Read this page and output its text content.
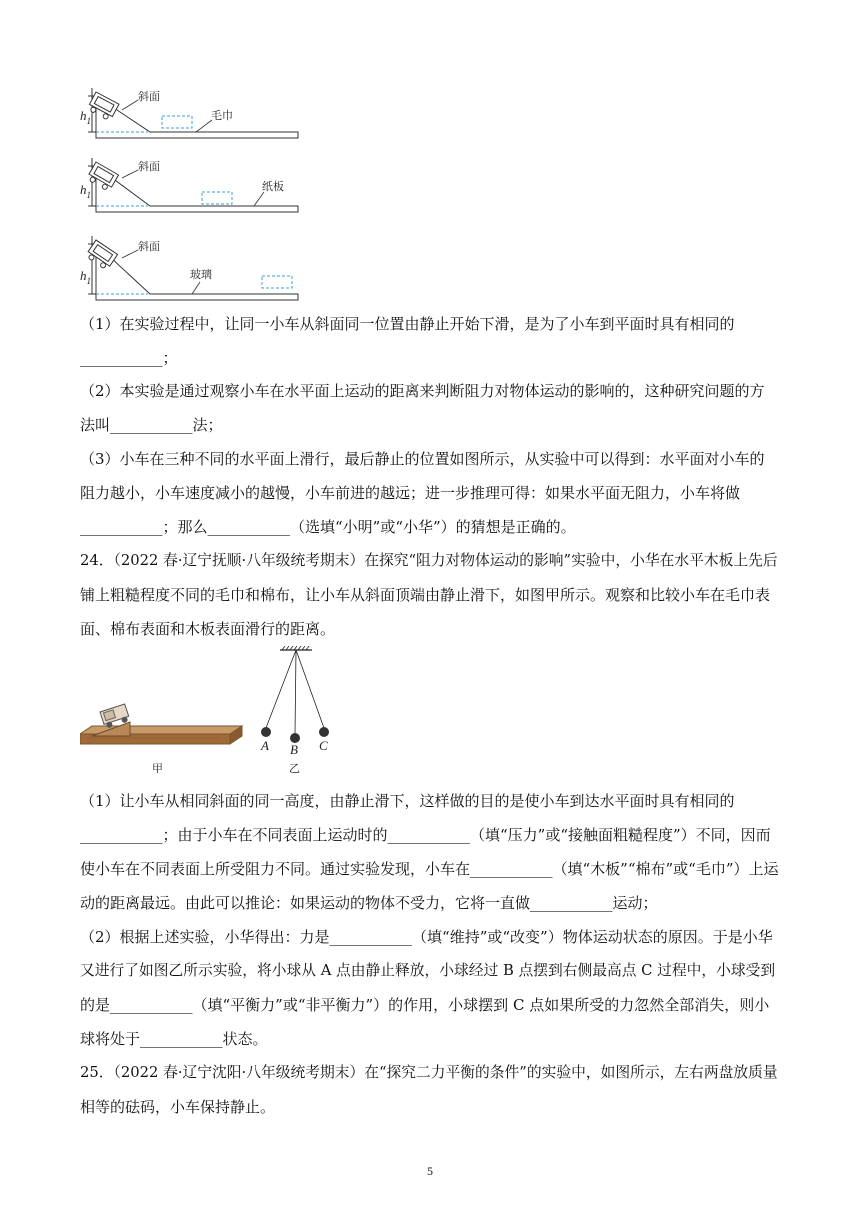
斜面
毛巾
$h_1$
斜面
纸板
$h_1$
斜面
玻璃
$h_1$
（1）在实验过程中，让同一小车从斜面同一位置由静止开始下滑，是为了小车到平面时具有相同的
___________；
（2）本实验是通过观察小车在水平面上运动的距离来判断阻力对物体运动的影响的，这种研究问题的方
法叫___________法；
（3）小车在三种不同的水平面上滑行，最后静止的位置如图所示，从实验中可以得到：水平面对小车的
阻力越小，小车速度减小的越慢，小车前进的越远；进一步推理可得：如果水平面无阻力，小车将做
___________；那么___________（选填“小明”或“小华”）的猜想是正确的。
24．（2022 春·辽宁抚顺·八年级统考期末）在探究“阻力对物体运动的影响”实验中，小华在水平木板上先后
铺上粗糙程度不同的毛巾和棉布，让小车从斜面顶端由静止滑下，如图甲所示。观察和比较小车在毛巾表
面、棉布表面和木板表面滑行的距离。
甲
A B C
乙
（1）让小车从相同斜面的同一高度，由静止滑下，这样做的目的是使小车到达水平面时具有相同的
___________；由于小车在不同表面上运动时的___________（填“压力”或“接触面粗糙程度”）不同，因而
使小车在不同表面上所受阻力不同。通过实验发现，小车在___________（填“木板”“棉布”或“毛巾”）上运
动的距离最远。由此可以推论：如果运动的物体不受力，它将一直做___________运动；
（2）根据上述实验，小华得出：力是___________（填“维持”或“改变”）物体运动状态的原因。于是小华
又进行了如图乙所示实验，将小球从 A 点由静止释放，小球经过 B 点摆到右侧最高点 C 过程中，小球受到
的是___________（填“平衡力”或“非平衡力”）的作用，小球摆到 C 点如果所受的力忽然全部消失，则小
球将处于___________状态。
25．（2022 春·辽宁沈阳·八年级统考期末）在“探究二力平衡的条件”的实验中，如图所示，左右两盘放质量
相等的砝码，小车保持静止。
5
